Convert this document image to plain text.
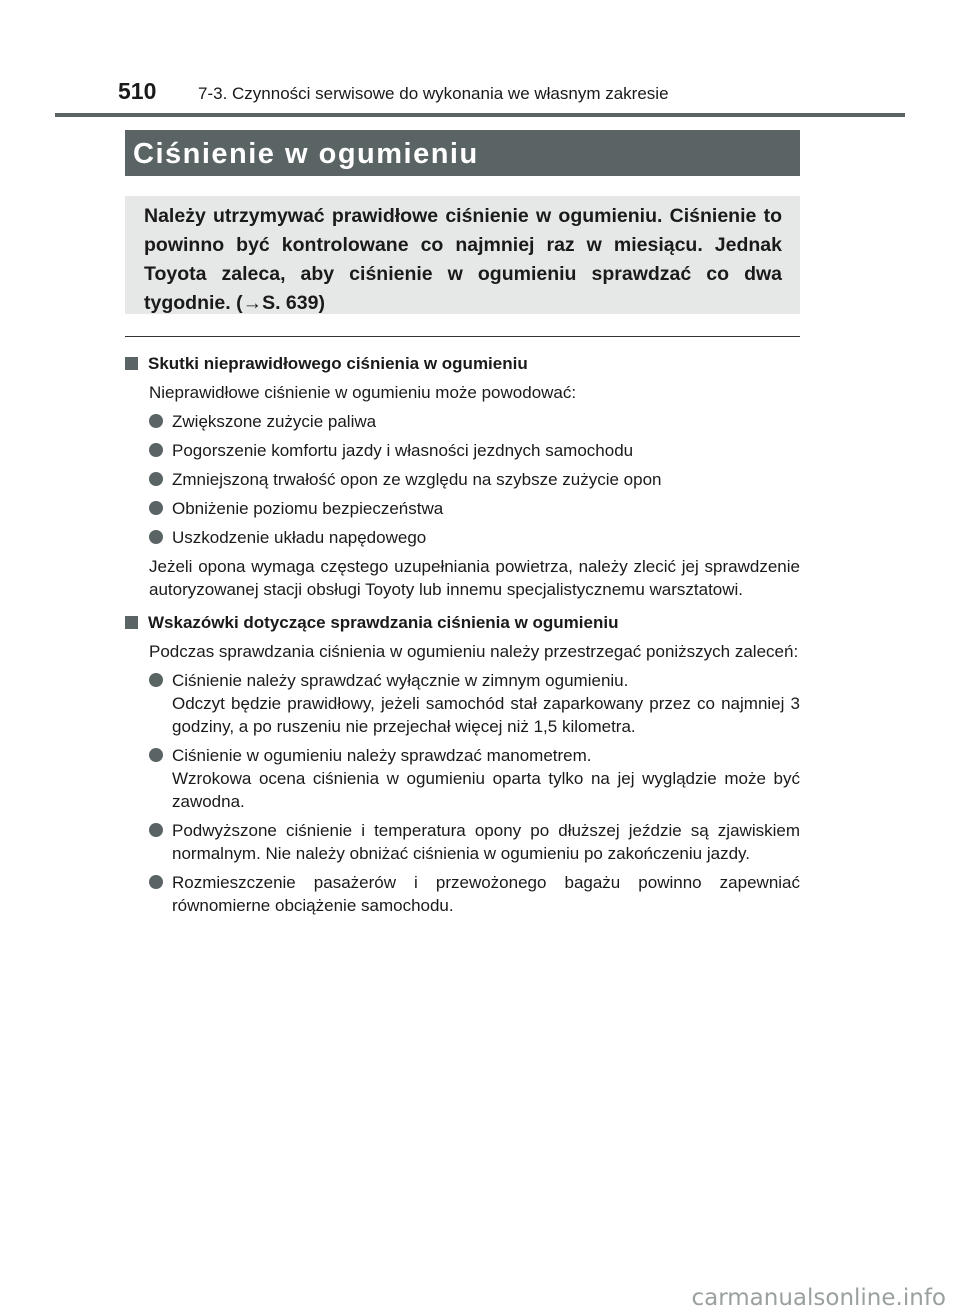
510	7-3. Czynności serwisowe do wykonania we własnym zakresie
Ciśnienie w ogumieniu
Należy utrzymywać prawidłowe ciśnienie w ogumieniu. Ciśnienie to powinno być kontrolowane co najmniej raz w miesiącu. Jednak Toyota zaleca, aby ciśnienie w ogumieniu sprawdzać co dwa tygodnie. (→S. 639)
Skutki nieprawidłowego ciśnienia w ogumieniu
Nieprawidłowe ciśnienie w ogumieniu może powodować:
Zwiększone zużycie paliwa
Pogorszenie komfortu jazdy i własności jezdnych samochodu
Zmniejszoną trwałość opon ze względu na szybsze zużycie opon
Obniżenie poziomu bezpieczeństwa
Uszkodzenie układu napędowego
Jeżeli opona wymaga częstego uzupełniania powietrza, należy zlecić jej sprawdzenie autoryzowanej stacji obsługi Toyoty lub innemu specjalistycznemu warsztatowi.
Wskazówki dotyczące sprawdzania ciśnienia w ogumieniu
Podczas sprawdzania ciśnienia w ogumieniu należy przestrzegać poniższych zaleceń:
Ciśnienie należy sprawdzać wyłącznie w zimnym ogumieniu.
Odczyt będzie prawidłowy, jeżeli samochód stał zaparkowany przez co najmniej 3 godziny, a po ruszeniu nie przejechał więcej niż 1,5 kilometra.
Ciśnienie w ogumieniu należy sprawdzać manometrem.
Wzrokowa ocena ciśnienia w ogumieniu oparta tylko na jej wyglądzie może być zawodna.
Podwyższone ciśnienie i temperatura opony po dłuższej jeździe są zjawiskiem normalnym. Nie należy obniżać ciśnienia w ogumieniu po zakończeniu jazdy.
Rozmieszczenie pasażerów i przewożonego bagażu powinno zapewniać równomierne obciążenie samochodu.
carmanualsonline.info
